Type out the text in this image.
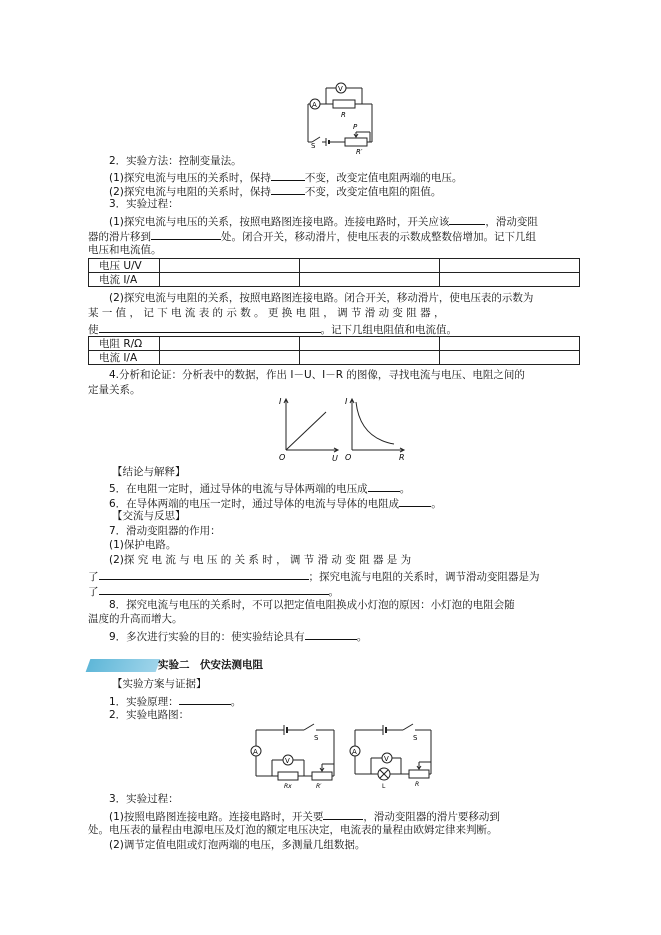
A
V
R
P
R′
S
2．实验方法：控制变量法。
(1)探究电流与电压的关系时，保持	不变，改变定值电阻两端的电压。
(2)探究电流与电阻的关系时，保持	不变，改变定值电阻的阻值。
3．实验过程：
(1)探究电流与电压的关系，按照电路图连接电路。连接电路时，开关应该	，滑动变阻
器的滑片移到	处。闭合开关，移动滑片，使电压表的示数成整数倍增加。记下几组
电压和电流值。
电压 U/V			
电流 I/A			
(2)探究电流与电阻的关系，按照电路图连接电路。闭合开关，移动滑片，使电压表的示数为
某 一 值 ， 记 下 电 流 表 的 示 数 。 更 换 电 阻 ， 调 节 滑 动 变 阻 器 ，
使	。记下几组电阻值和电流值。
电阻 R/Ω			
电流 I/A			
4.分析和论证：分析表中的数据，作出 I－U、I－R 的图像，寻找电流与电压、电阻之间的
定量关系。
I
O	U
I
O	R
【结论与解释】
5．在电阻一定时，通过导体的电流与导体两端的电压成	。
6．在导体两端的电压一定时，通过导体的电流与导体的电阻成	。
【交流与反思】
7．滑动变阻器的作用：
(1)保护电路。
(2)探 究 电 流 与 电 压 的 关 系 时 ， 调 节 滑 动 变 阻 器 是 为
了	；探究电流与电阻的关系时，调节滑动变阻器是为
了	。
8．探究电流与电压的关系时，不可以把定值电阻换成小灯泡的原因：小灯泡的电阻会随
温度的升高而增大。
9．多次进行实验的目的：使实验结论具有	。
实验二　伏安法测电阻
【实验方案与证据】
1．实验原理：	。
2．实验电路图：
A
V
S
Rx	R′
A
V
S
L	R
3．实验过程：
(1)按照电路图连接电路。连接电路时，开关要	，滑动变阻器的滑片要移动到
处。电压表的量程由电源电压及灯泡的额定电压决定，电流表的量程由欧姆定律来判断。
(2)调节定值电阻或灯泡两端的电压，多测量几组数据。
